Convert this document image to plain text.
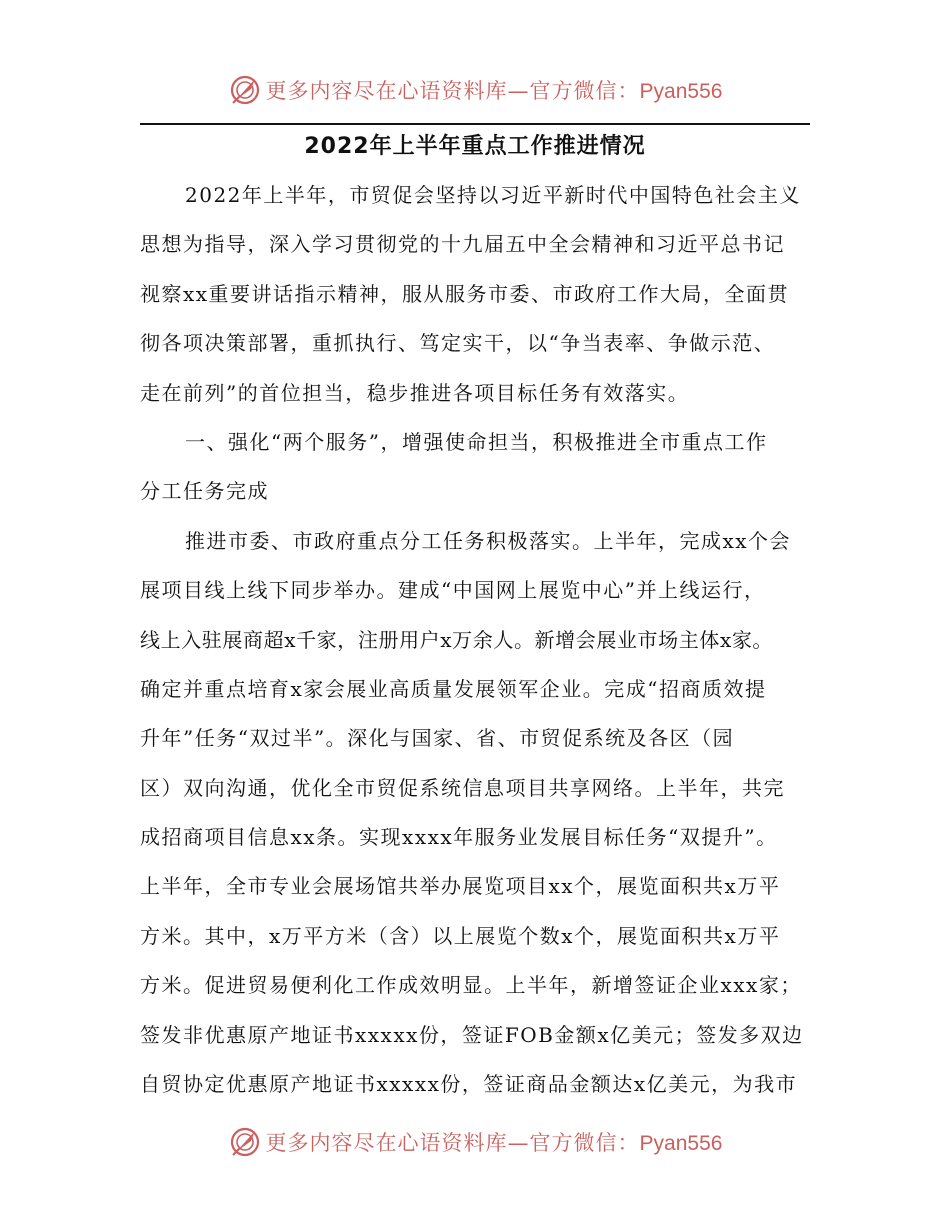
更多内容尽在心语资料库—官方微信：Pyan556
2022年上半年重点工作推进情况
2022年上半年，市贸促会坚持以习近平新时代中国特色社会主义
思想为指导，深入学习贯彻党的十九届五中全会精神和习近平总书记
视察xx重要讲话指示精神，服从服务市委、市政府工作大局，全面贯
彻各项决策部署，重抓执行、笃定实干，以“争当表率、争做示范、
走在前列”的首位担当，稳步推进各项目标任务有效落实。
一、强化“两个服务”，增强使命担当，积极推进全市重点工作
分工任务完成
推进市委、市政府重点分工任务积极落实。上半年，完成xx个会
展项目线上线下同步举办。建成“中国网上展览中心”并上线运行，
线上入驻展商超x千家，注册用户x万余人。新增会展业市场主体x家。
确定并重点培育x家会展业高质量发展领军企业。完成“招商质效提
升年”任务“双过半”。深化与国家、省、市贸促系统及各区（园
区）双向沟通，优化全市贸促系统信息项目共享网络。上半年，共完
成招商项目信息xx条。实现xxxx年服务业发展目标任务“双提升”。
上半年，全市专业会展场馆共举办展览项目xx个，展览面积共x万平
方米。其中，x万平方米（含）以上展览个数x个，展览面积共x万平
方米。促进贸易便利化工作成效明显。上半年，新增签证企业xxx家；
签发非优惠原产地证书xxxxx份，签证FOB金额x亿美元；签发多双边
自贸协定优惠原产地证书xxxxx份，签证商品金额达x亿美元，为我市
更多内容尽在心语资料库—官方微信：Pyan556
